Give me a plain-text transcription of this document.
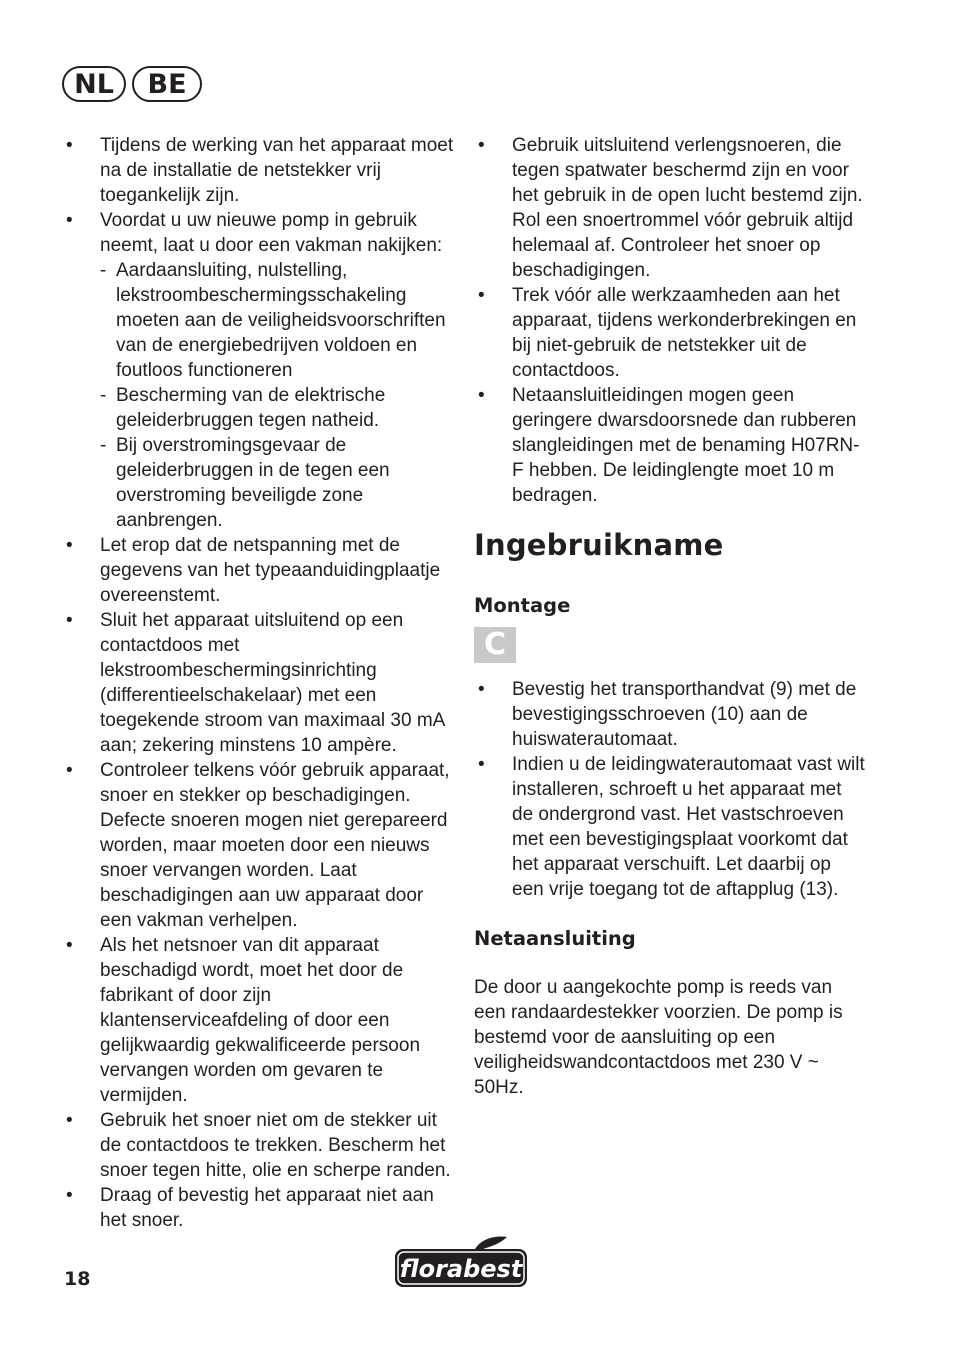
NL	BE
• Tijdens de werking van het apparaat moet na de installatie de netstekker vrij toegankelijk zijn.
• Voordat u uw nieuwe pomp in gebruik neemt, laat u door een vakman nakijken:
- Aardaansluiting, nulstelling, lekstroombeschermingsschakeling moeten aan de veiligheidsvoorschriften van de energiebedrijven voldoen en foutloos functioneren
- Bescherming van de elektrische geleiderbruggen tegen natheid.
- Bij overstromingsgevaar de geleiderbruggen in de tegen een overstroming beveiligde zone aanbrengen.
• Let erop dat de netspanning met de gegevens van het typeaanduidingplaatje overeenstemt.
• Sluit het apparaat uitsluitend op een contactdoos met lekstroombeschermingsinrichting (differentieelschakelaar) met een toegekende stroom van maximaal 30 mA aan; zekering minstens 10 ampère.
• Controleer telkens vóór gebruik apparaat, snoer en stekker op beschadigingen. Defecte snoeren mogen niet gerepareerd worden, maar moeten door een nieuws snoer vervangen worden. Laat beschadigingen aan uw apparaat door een vakman verhelpen.
• Als het netsnoer van dit apparaat beschadigd wordt, moet het door de fabrikant of door zijn klantenserviceafdeling of door een gelijkwaardig gekwalificeerde persoon vervangen worden om gevaren te vermijden.
• Gebruik het snoer niet om de stekker uit de contactdoos te trekken. Bescherm het snoer tegen hitte, olie en scherpe randen.
• Draag of bevestig het apparaat niet aan het snoer.
• Gebruik uitsluitend verlengsnoeren, die tegen spatwater beschermd zijn en voor het gebruik in de open lucht bestemd zijn. Rol een snoertrommel vóór gebruik altijd helemaal af. Controleer het snoer op beschadigingen.
• Trek vóór alle werkzaamheden aan het apparaat, tijdens werkonderbrekingen en bij niet-gebruik de netstekker uit de contactdoos.
• Netaansluitleidingen mogen geen geringere dwarsdoorsnede dan rubberen slangleidingen met de benaming H07RN-F hebben. De leidinglengte moet 10 m bedragen.
Ingebruikname
Montage
C
• Bevestig het transporthandvat (9) met de bevestigingsschroeven (10) aan de huiswaterautomaat.
• Indien u de leidingwaterautomaat vast wilt installeren, schroeft u het apparaat met de ondergrond vast. Het vastschroeven met een bevestigingsplaat voorkomt dat het apparaat verschuift. Let daarbij op een vrije toegang tot de aftapplug (13).
Netaansluiting

De door u aangekochte pomp is reeds van een randaardestekker voorzien. De pomp is bestemd voor de aansluiting op een veiligheidswandcontactdoos met 230 V ~ 50Hz.

18	florabest
